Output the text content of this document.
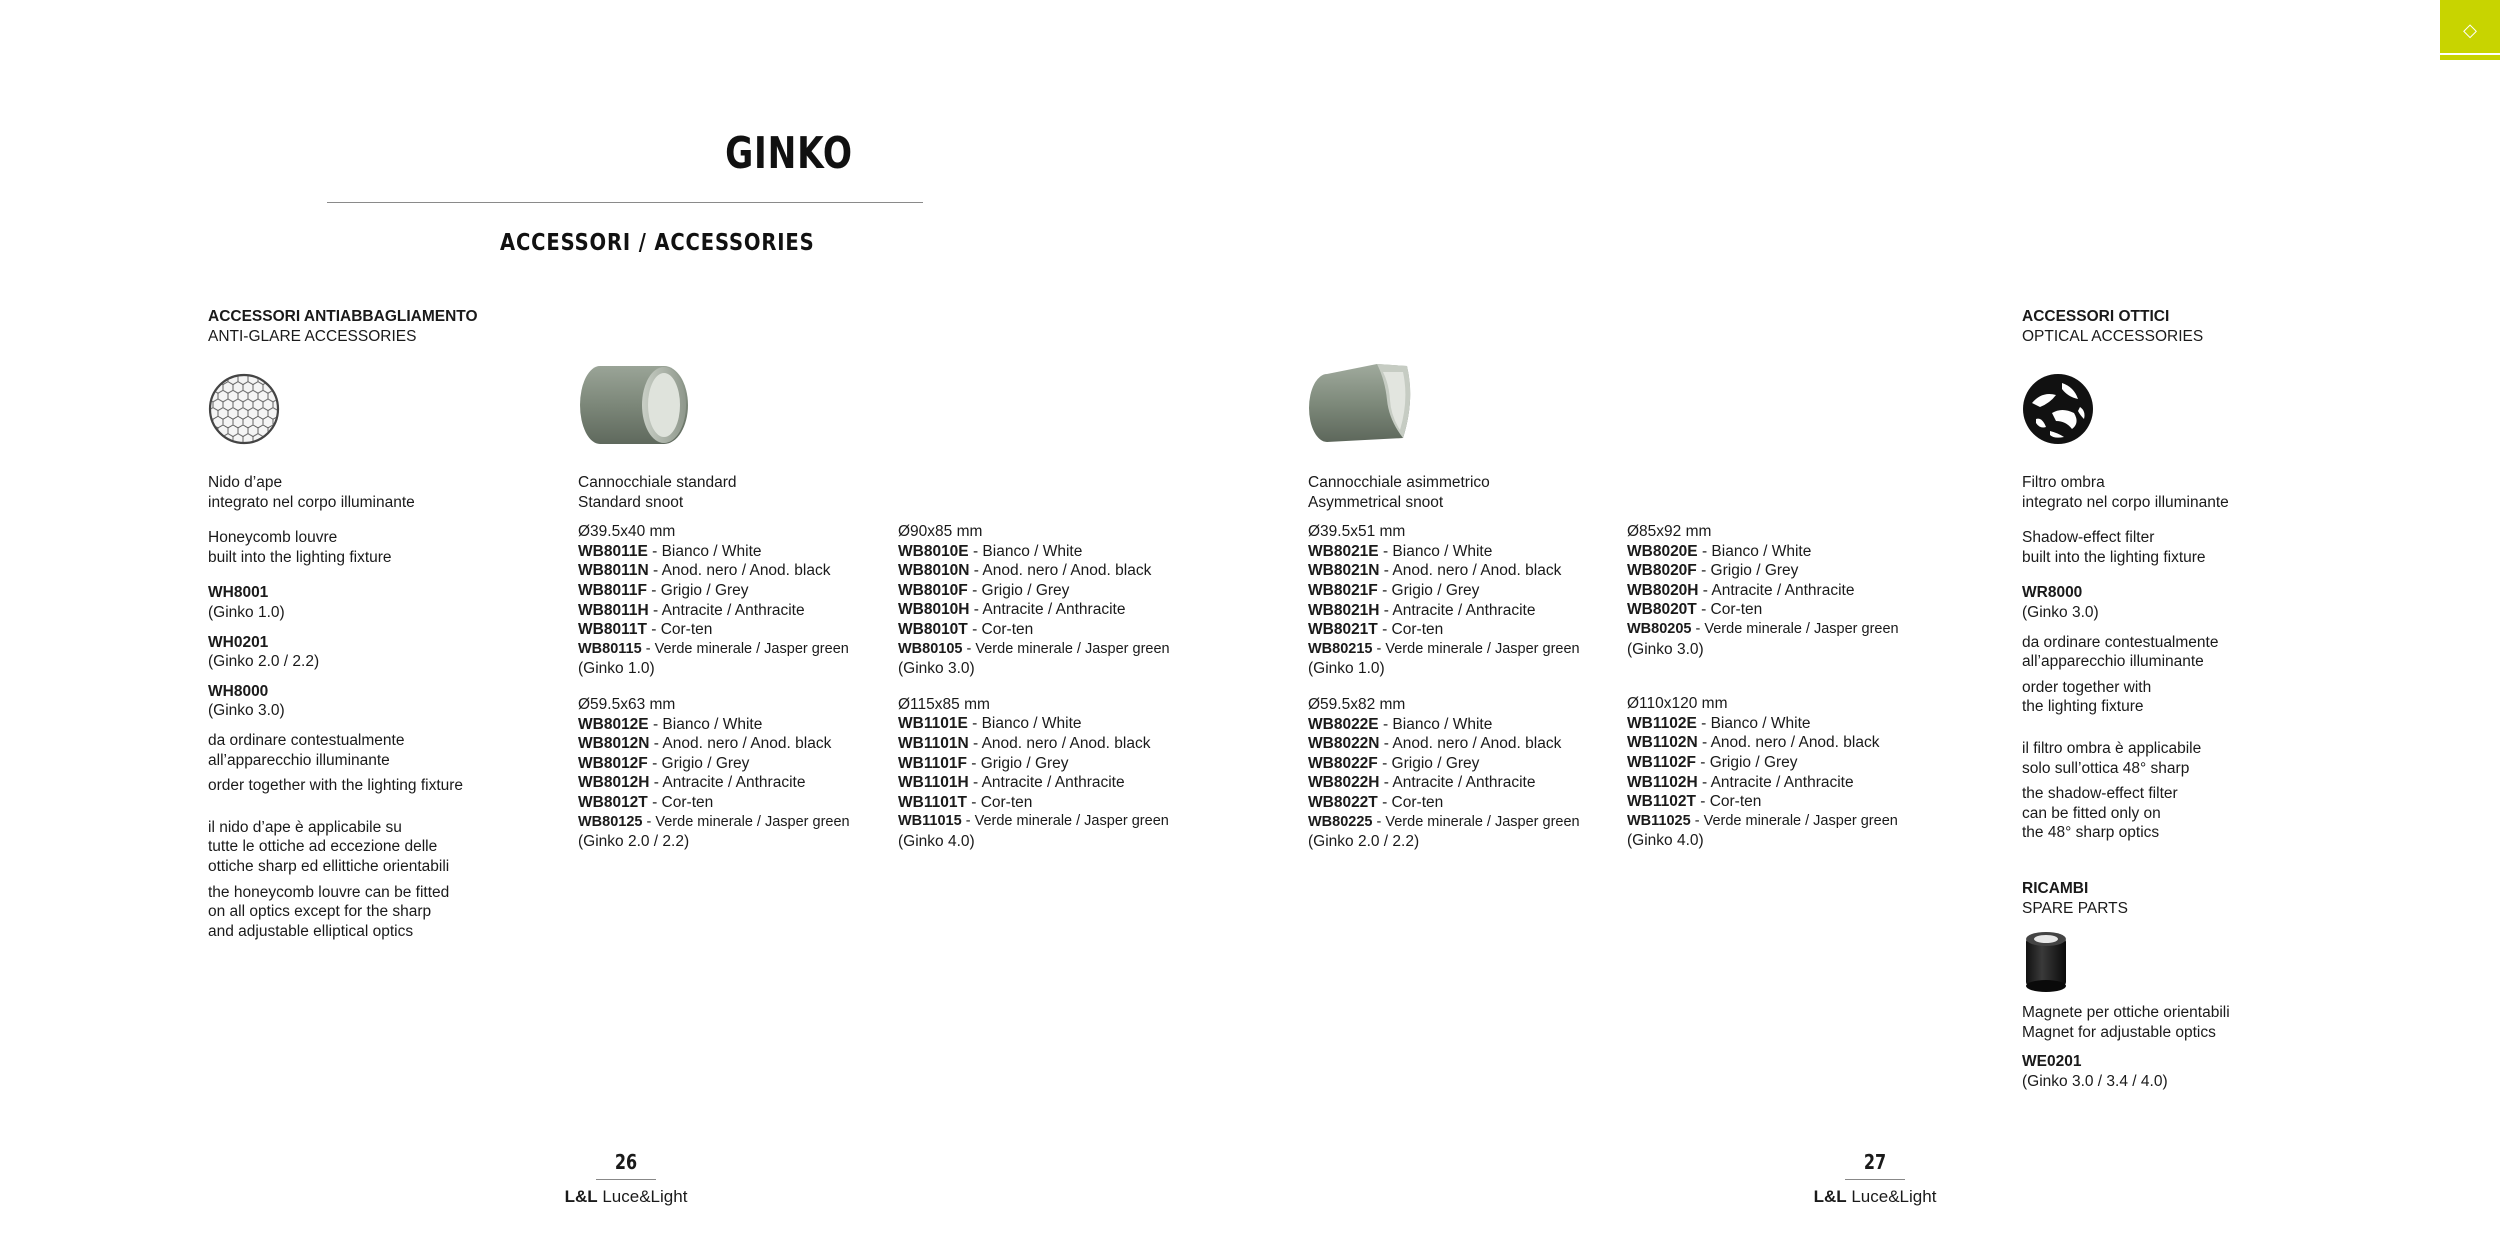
GINKO
ACCESSORI / ACCESSORIES
◇

ACCESSORI ANTIABBAGLIAMENTO

ANTI-GLARE ACCESSORIES

Nido d’ape

integrato nel corpo illuminante

Honeycomb louvre

built into the lighting fixture

WH8001

(Ginko 1.0)

WH0201

(Ginko 2.0 / 2.2)

WH8000

(Ginko 3.0)

da ordinare contestualmente

all’apparecchio illuminante

order together with the lighting fixture

il nido d’ape è applicabile su

tutte le ottiche ad eccezione delle

ottiche sharp ed ellittiche orientabili

the honeycomb louvre can be fitted

on all optics except for the sharp

and adjustable elliptical optics

Cannocchiale standard

Standard snoot

Ø39.5x40 mm

WB8011E - Bianco / White

WB8011N - Anod. nero / Anod. black

WB8011F - Grigio / Grey

WB8011H - Antracite / Anthracite

WB8011T - Cor-ten

WB80115 - Verde minerale / Jasper green

(Ginko 1.0)

Ø59.5x63 mm

WB8012E - Bianco / White

WB8012N - Anod. nero / Anod. black

WB8012F - Grigio / Grey

WB8012H - Antracite / Anthracite

WB8012T - Cor-ten

WB80125 - Verde minerale / Jasper green

(Ginko 2.0 / 2.2)

Ø90x85 mm

WB8010E - Bianco / White

WB8010N - Anod. nero / Anod. black

WB8010F - Grigio / Grey

WB8010H - Antracite / Anthracite

WB8010T - Cor-ten

WB80105 - Verde minerale / Jasper green

(Ginko 3.0)

Ø115x85 mm

WB1101E - Bianco / White

WB1101N - Anod. nero / Anod. black

WB1101F - Grigio / Grey

WB1101H - Antracite / Anthracite

WB1101T - Cor-ten

WB11015 - Verde minerale / Jasper green

(Ginko 4.0)

Cannocchiale asimmetrico

Asymmetrical snoot

Ø39.5x51 mm

WB8021E - Bianco / White

WB8021N - Anod. nero / Anod. black

WB8021F - Grigio / Grey

WB8021H - Antracite / Anthracite

WB8021T - Cor-ten

WB80215 - Verde minerale / Jasper green

(Ginko 1.0)

Ø59.5x82 mm

WB8022E - Bianco / White

WB8022N - Anod. nero / Anod. black

WB8022F - Grigio / Grey

WB8022H - Antracite / Anthracite

WB8022T - Cor-ten

WB80225 - Verde minerale / Jasper green

(Ginko 2.0 / 2.2)

Ø85x92 mm

WB8020E - Bianco / White

WB8020F - Grigio / Grey

WB8020H - Antracite / Anthracite

WB8020T - Cor-ten

WB80205 - Verde minerale / Jasper green

(Ginko 3.0)

Ø110x120 mm

WB1102E - Bianco / White

WB1102N - Anod. nero / Anod. black

WB1102F - Grigio / Grey

WB1102H - Antracite / Anthracite

WB1102T - Cor-ten

WB11025 - Verde minerale / Jasper green

(Ginko 4.0)

ACCESSORI OTTICI

OPTICAL ACCESSORIES

Filtro ombra

integrato nel corpo illuminante

Shadow-effect filter

built into the lighting fixture

WR8000

(Ginko 3.0)

da ordinare contestualmente

all’apparecchio illuminante

order together with

the lighting fixture

il filtro ombra è applicabile

solo sull’ottica 48° sharp

the shadow-effect filter

can be fitted only on

the 48° sharp optics

RICAMBI

SPARE PARTS

Magnete per ottiche orientabili

Magnet for adjustable optics

WE0201

(Ginko 3.0 / 3.4 / 4.0)

26
L&L Luce&Light
27
L&L Luce&Light
